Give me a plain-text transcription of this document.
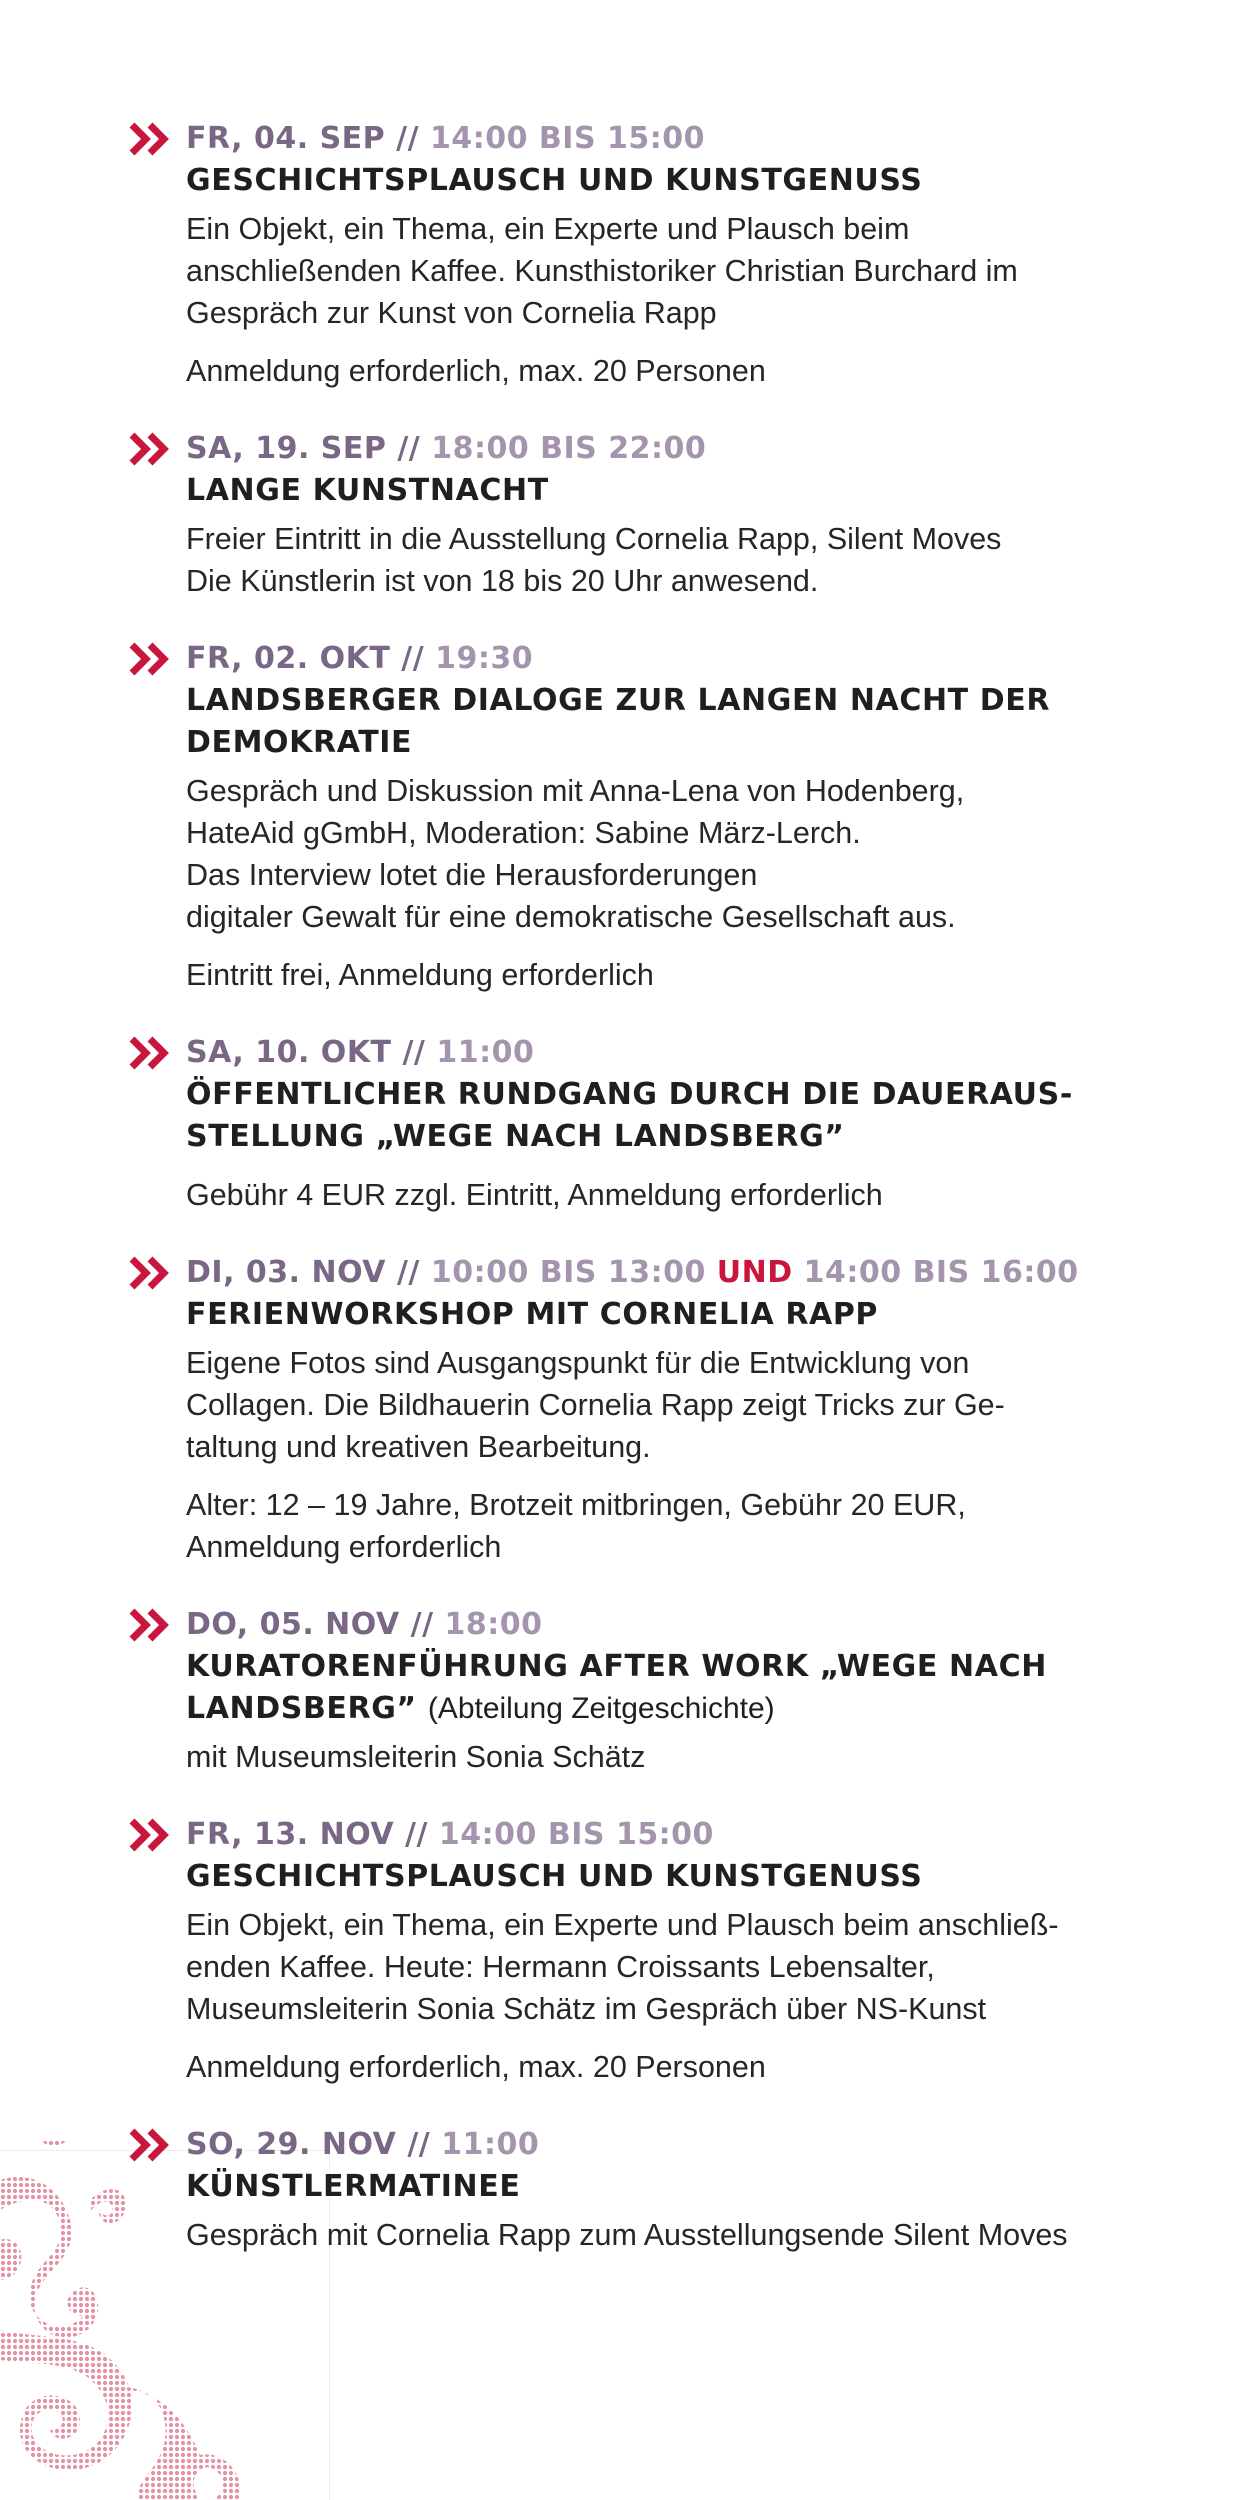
FR, 04. SEP // 14:00 BIS 15:00
GESCHICHTSPLAUSCH UND KUNSTGENUSS
Ein Objekt, ein Thema, ein Experte und Plausch beim
anschließenden Kaffee. Kunsthistoriker Christian Burchard im
Gespräch zur Kunst von Cornelia Rapp
Anmeldung erforderlich, max. 20 Personen
SA, 19. SEP // 18:00 BIS 22:00
LANGE KUNSTNACHT
Freier Eintritt in die Ausstellung Cornelia Rapp, Silent Moves
Die Künstlerin ist von 18 bis 20 Uhr anwesend.
FR, 02. OKT // 19:30
LANDSBERGER DIALOGE ZUR LANGEN NACHT DER
DEMOKRATIE
Gespräch und Diskussion mit Anna-Lena von Hodenberg,
HateAid gGmbH, Moderation: Sabine März-Lerch.
Das Interview lotet die Herausforderungen
digitaler Gewalt für eine demokratische Gesellschaft aus.
Eintritt frei, Anmeldung erforderlich
SA, 10. OKT // 11:00
ÖFFENTLICHER RUNDGANG DURCH DIE DAUERAUS-
STELLUNG „WEGE NACH LANDSBERG”
Gebühr 4 EUR zzgl. Eintritt, Anmeldung erforderlich
DI, 03. NOV // 10:00 BIS 13:00 UND 14:00 BIS 16:00
FERIENWORKSHOP MIT CORNELIA RAPP
Eigene Fotos sind Ausgangspunkt für die Entwicklung von
Collagen. Die Bildhauerin Cornelia Rapp zeigt Tricks zur Ge-
taltung und kreativen Bearbeitung.
Alter: 12 – 19 Jahre, Brotzeit mitbringen, Gebühr 20 EUR,
Anmeldung erforderlich
DO, 05. NOV // 18:00
KURATORENFÜHRUNG AFTER WORK „WEGE NACH
LANDSBERG” (Abteilung Zeitgeschichte)
mit Museumsleiterin Sonia Schätz
FR, 13. NOV // 14:00 BIS 15:00
GESCHICHTSPLAUSCH UND KUNSTGENUSS
Ein Objekt, ein Thema, ein Experte und Plausch beim anschließ-
enden Kaffee. Heute: Hermann Croissants Lebensalter,
Museumsleiterin Sonia Schätz im Gespräch über NS-Kunst
Anmeldung erforderlich, max. 20 Personen
SO, 29. NOV // 11:00
KÜNSTLERMATINEE
Gespräch mit Cornelia Rapp zum Ausstellungsende Silent Moves
